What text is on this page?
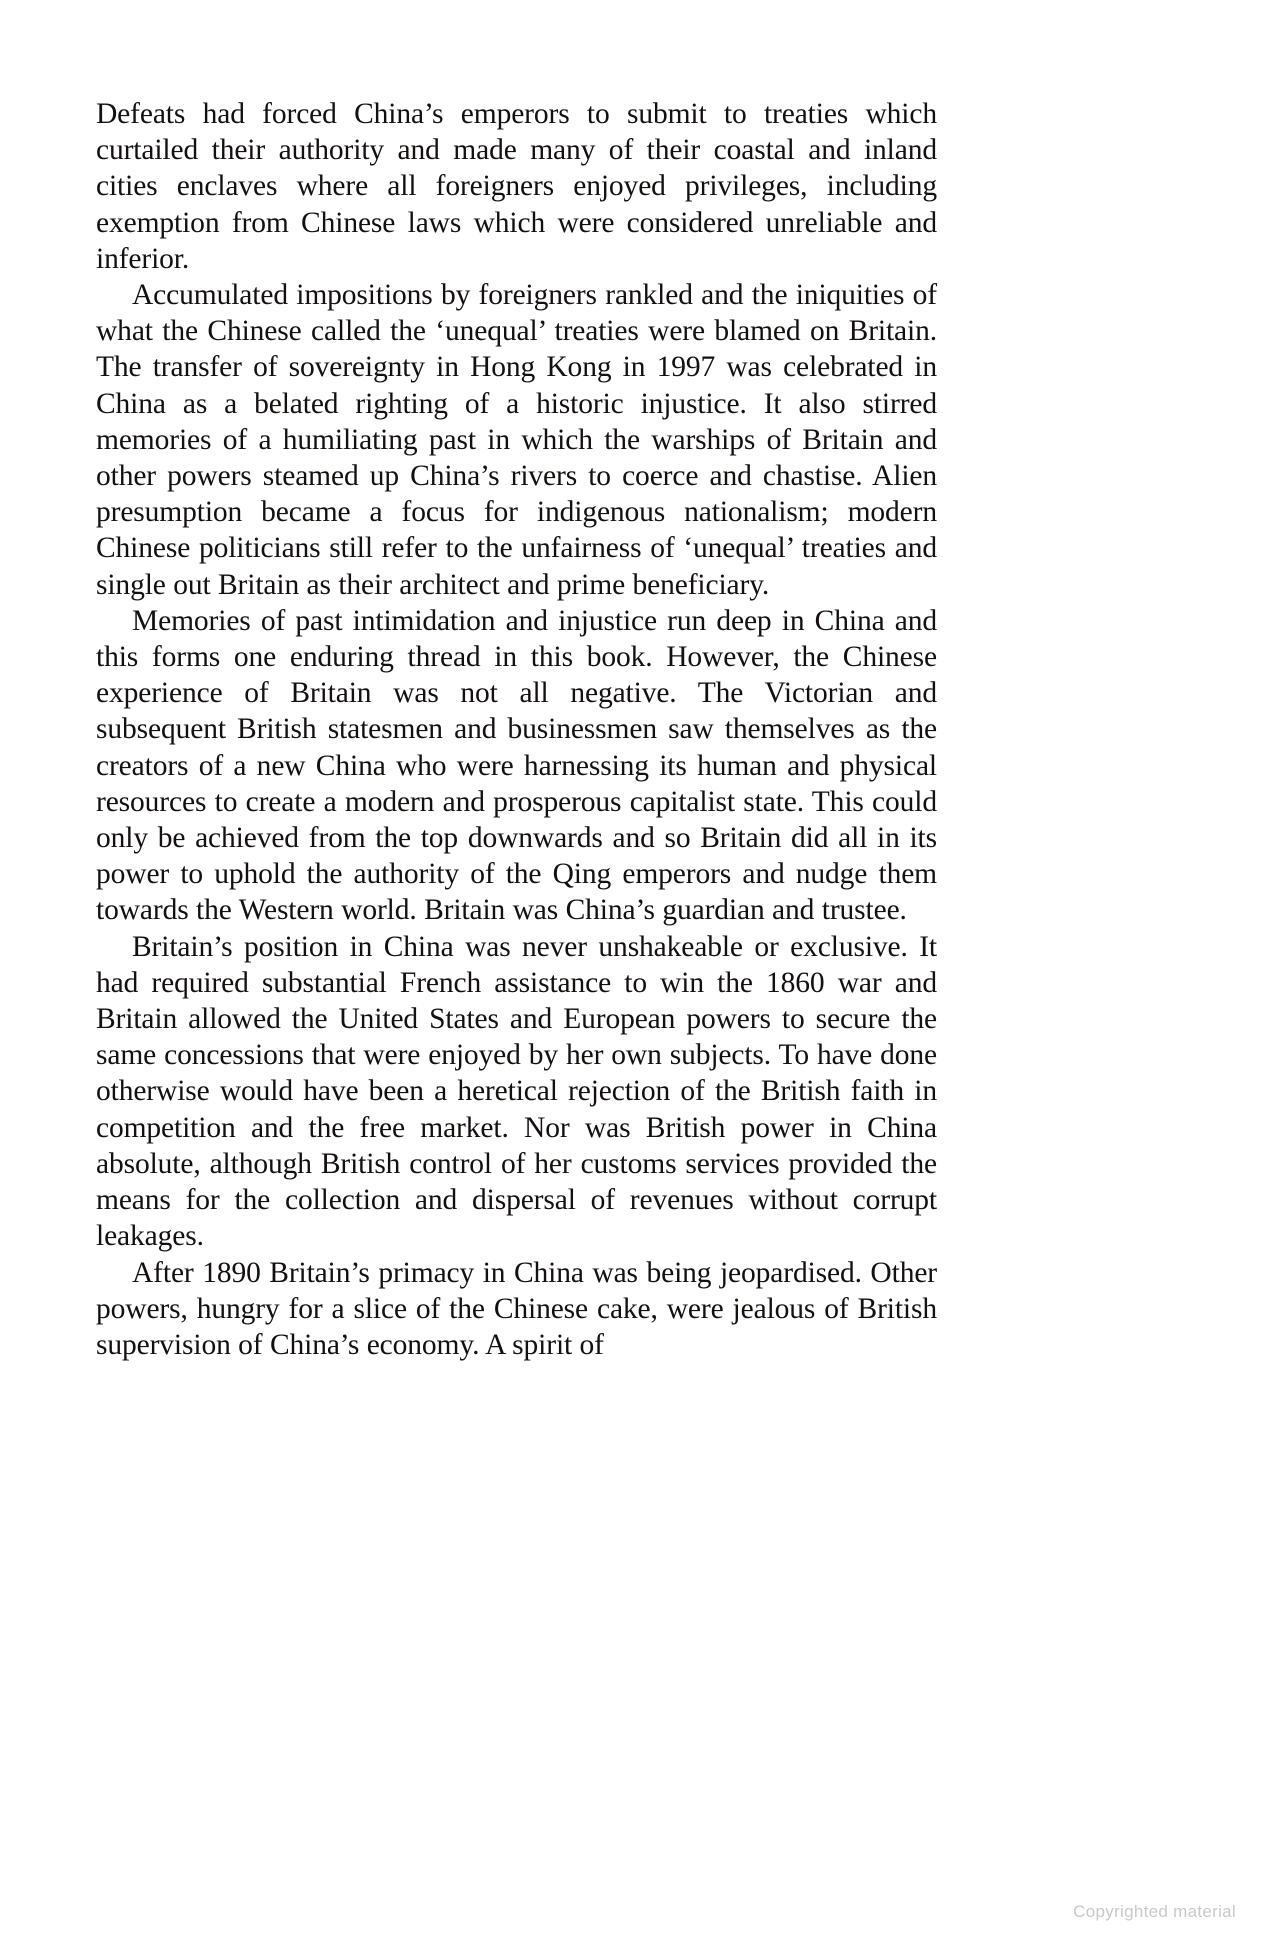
Defeats had forced China’s emperors to submit to treaties which curtailed their authority and made many of their coastal and inland cities enclaves where all foreigners enjoyed privileges, including exemption from Chinese laws which were considered unreliable and inferior.

Accumulated impositions by foreigners rankled and the iniquities of what the Chinese called the ‘unequal’ treaties were blamed on Britain. The transfer of sovereignty in Hong Kong in 1997 was celebrated in China as a belated righting of a historic injustice. It also stirred memories of a humiliating past in which the warships of Britain and other powers steamed up China’s rivers to coerce and chastise. Alien presumption became a focus for indigenous nationalism; modern Chinese politicians still refer to the unfairness of ‘unequal’ treaties and single out Britain as their architect and prime beneficiary.

Memories of past intimidation and injustice run deep in China and this forms one enduring thread in this book. However, the Chinese experience of Britain was not all negative. The Victorian and subsequent British statesmen and businessmen saw themselves as the creators of a new China who were harnessing its human and physical resources to create a modern and prosperous capitalist state. This could only be achieved from the top downwards and so Britain did all in its power to uphold the authority of the Qing emperors and nudge them towards the Western world. Britain was China’s guardian and trustee.

Britain’s position in China was never unshakeable or exclusive. It had required substantial French assistance to win the 1860 war and Britain allowed the United States and European powers to secure the same concessions that were enjoyed by her own subjects. To have done otherwise would have been a heretical rejection of the British faith in competition and the free market. Nor was British power in China absolute, although British control of her customs services provided the means for the collection and dispersal of revenues without corrupt leakages.

After 1890 Britain’s primacy in China was being jeopardised. Other powers, hungry for a slice of the Chinese cake, were jealous of British supervision of China’s economy. A spirit of

Copyrighted material
